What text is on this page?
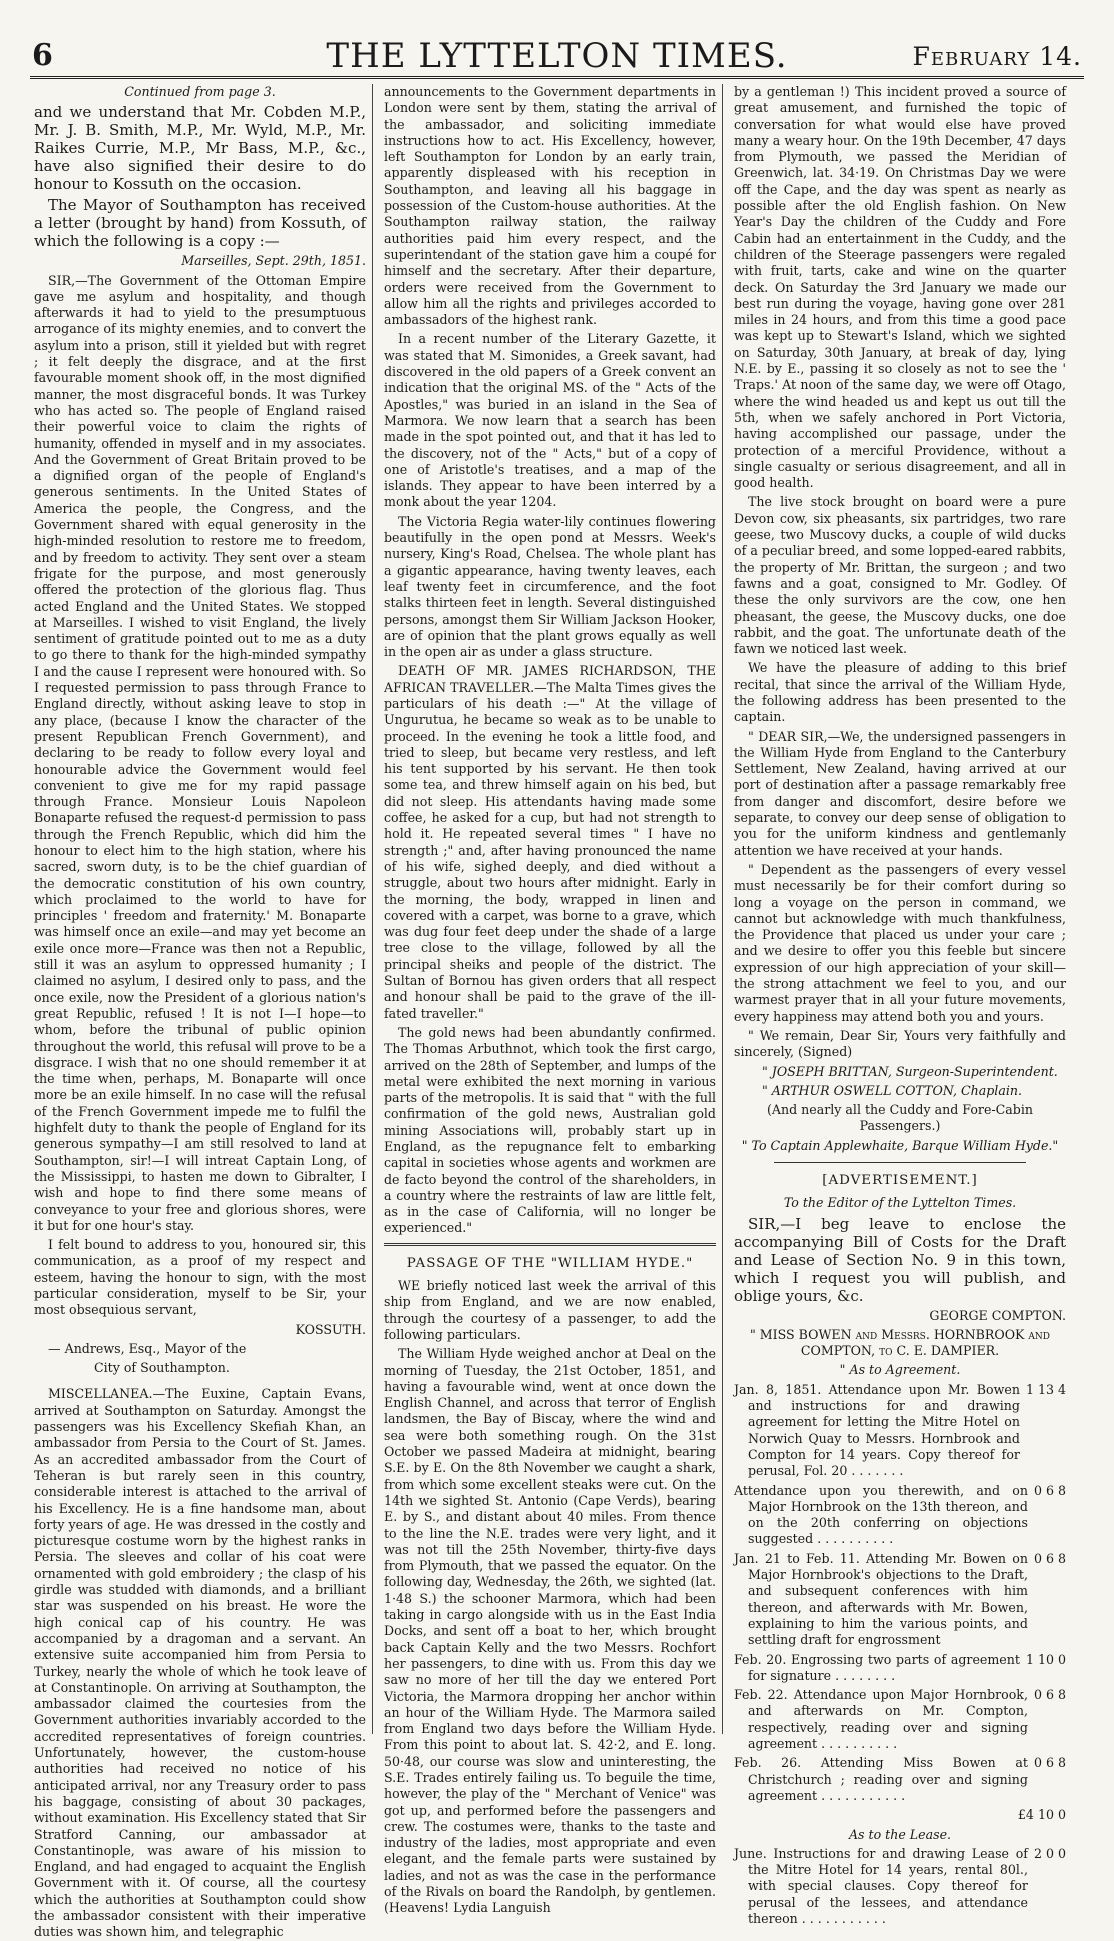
6	THE LYTTELTON TIMES.	February 14.

Continued from page 3.

and we understand that Mr. Cobden M.P., Mr. J. B. Smith, M.P., Mr. Wyld, M.P., Mr. Raikes Currie, M.P., Mr Bass, M.P., &c., have also signified their desire to do honour to Kossuth on the occasion.

The Mayor of Southampton has received a letter (brought by hand) from Kossuth, of which the following is a copy :—

Marseilles, Sept. 29th, 1851.

SIR,—The Government of the Ottoman Empire gave me asylum and hospitality, and though afterwards it had to yield to the presumptuous arrogance of its mighty enemies, and to convert the asylum into a prison, still it yielded but with regret ; it felt deeply the disgrace, and at the first favourable moment shook off, in the most dignified manner, the most disgraceful bonds. It was Turkey who has acted so. The people of England raised their powerful voice to claim the rights of humanity, offended in myself and in my associates. And the Government of Great Britain proved to be a dignified organ of the people of England's generous sentiments. In the United States of America the people, the Congress, and the Government shared with equal generosity in the high-minded resolution to restore me to freedom, and by freedom to activity. They sent over a steam frigate for the purpose, and most generously offered the protection of the glorious flag. Thus acted England and the United States. We stopped at Marseilles. I wished to visit England, the lively sentiment of gratitude pointed out to me as a duty to go there to thank for the high-minded sympathy I and the cause I represent were honoured with. So I requested permission to pass through France to England directly, without asking leave to stop in any place, (because I know the character of the present Republican French Government), and declaring to be ready to follow every loyal and honourable advice the Government would feel convenient to give me for my rapid passage through France. Monsieur Louis Napoleon Bonaparte refused the request-d permission to pass through the French Republic, which did him the honour to elect him to the high station, where his sacred, sworn duty, is to be the chief guardian of the democratic constitution of his own country, which proclaimed to the world to have for principles ' freedom and fraternity.' M. Bonaparte was himself once an exile—and may yet become an exile once more—France was then not a Republic, still it was an asylum to oppressed humanity ; I claimed no asylum, I desired only to pass, and the once exile, now the President of a glorious nation's great Republic, refused ! It is not I—I hope—to whom, before the tribunal of public opinion throughout the world, this refusal will prove to be a disgrace. I wish that no one should remember it at the time when, perhaps, M. Bonaparte will once more be an exile himself. In no case will the refusal of the French Government impede me to fulfil the highfelt duty to thank the people of England for its generous sympathy—I am still resolved to land at Southampton, sir!—I will intreat Captain Long, of the Mississippi, to hasten me down to Gibralter, I wish and hope to find there some means of conveyance to your free and glorious shores, were it but for one hour's stay.

I felt bound to address to you, honoured sir, this communication, as a proof of my respect and esteem, having the honour to sign, with the most particular consideration, myself to be Sir, your most obsequious servant,

KOSSUTH.

— Andrews, Esq., Mayor of the

City of Southampton.

MISCELLANEA.—The Euxine, Captain Evans, arrived at Southampton on Saturday. Amongst the passengers was his Excellency Skefiah Khan, an ambassador from Persia to the Court of St. James. As an accredited ambassador from the Court of Teheran is but rarely seen in this country, considerable interest is attached to the arrival of his Excellency. He is a fine handsome man, about forty years of age. He was dressed in the costly and picturesque costume worn by the highest ranks in Persia. The sleeves and collar of his coat were ornamented with gold embroidery ; the clasp of his girdle was studded with diamonds, and a brilliant star was suspended on his breast. He wore the high conical cap of his country. He was accompanied by a dragoman and a servant. An extensive suite accompanied him from Persia to Turkey, nearly the whole of which he took leave of at Constantinople. On arriving at Southampton, the ambassador claimed the courtesies from the Government authorities invariably accorded to the accredited representatives of foreign countries. Unfortunately, however, the custom-house authorities had received no notice of his anticipated arrival, nor any Treasury order to pass his baggage, consisting of about 30 packages, without examination. His Excellency stated that Sir Stratford Canning, our ambassador at Constantinople, was aware of his mission to England, and had engaged to acquaint the English Government with it. Of course, all the courtesy which the authorities at Southampton could show the ambassador consistent with their imperative duties was shown him, and telegraphic

announcements to the Government departments in London were sent by them, stating the arrival of the ambassador, and soliciting immediate instructions how to act. His Excellency, however, left Southampton for London by an early train, apparently displeased with his reception in Southampton, and leaving all his baggage in possession of the Custom-house authorities. At the Southampton railway station, the railway authorities paid him every respect, and the superintendant of the station gave him a coupé for himself and the secretary. After their departure, orders were received from the Government to allow him all the rights and privileges accorded to ambassadors of the highest rank.

In a recent number of the Literary Gazette, it was stated that M. Simonides, a Greek savant, had discovered in the old papers of a Greek convent an indication that the original MS. of the " Acts of the Apostles," was buried in an island in the Sea of Marmora. We now learn that a search has been made in the spot pointed out, and that it has led to the discovery, not of the " Acts," but of a copy of one of Aristotle's treatises, and a map of the islands. They appear to have been interred by a monk about the year 1204.

The Victoria Regia water-lily continues flowering beautifully in the open pond at Messrs. Week's nursery, King's Road, Chelsea. The whole plant has a gigantic appearance, having twenty leaves, each leaf twenty feet in circumference, and the foot stalks thirteen feet in length. Several distinguished persons, amongst them Sir William Jackson Hooker, are of opinion that the plant grows equally as well in the open air as under a glass structure.

DEATH OF MR. JAMES RICHARDSON, THE AFRICAN TRAVELLER.—The Malta Times gives the particulars of his death :—" At the village of Ungurutua, he became so weak as to be unable to proceed. In the evening he took a little food, and tried to sleep, but became very restless, and left his tent supported by his servant. He then took some tea, and threw himself again on his bed, but did not sleep. His attendants having made some coffee, he asked for a cup, but had not strength to hold it. He repeated several times " I have no strength ;" and, after having pronounced the name of his wife, sighed deeply, and died without a struggle, about two hours after midnight. Early in the morning, the body, wrapped in linen and covered with a carpet, was borne to a grave, which was dug four feet deep under the shade of a large tree close to the village, followed by all the principal sheiks and people of the district. The Sultan of Bornou has given orders that all respect and honour shall be paid to the grave of the ill-fated traveller."

The gold news had been abundantly confirmed. The Thomas Arbuthnot, which took the first cargo, arrived on the 28th of September, and lumps of the metal were exhibited the next morning in various parts of the metropolis. It is said that " with the full confirmation of the gold news, Australian gold mining Associations will, probably start up in England, as the repugnance felt to embarking capital in societies whose agents and workmen are de facto beyond the control of the shareholders, in a country where the restraints of law are little felt, as in the case of California, will no longer be experienced."

PASSAGE OF THE "WILLIAM HYDE."

WE briefly noticed last week the arrival of this ship from England, and we are now enabled, through the courtesy of a passenger, to add the following particulars.

The William Hyde weighed anchor at Deal on the morning of Tuesday, the 21st October, 1851, and having a favourable wind, went at once down the English Channel, and across that terror of English landsmen, the Bay of Biscay, where the wind and sea were both something rough. On the 31st October we passed Madeira at midnight, bearing S.E. by E. On the 8th November we caught a shark, from which some excellent steaks were cut. On the 14th we sighted St. Antonio (Cape Verds), bearing E. by S., and distant about 40 miles. From thence to the line the N.E. trades were very light, and it was not till the 25th November, thirty-five days from Plymouth, that we passed the equator. On the following day, Wednesday, the 26th, we sighted (lat. 1·48 S.) the schooner Marmora, which had been taking in cargo alongside with us in the East India Docks, and sent off a boat to her, which brought back Captain Kelly and the two Messrs. Rochfort her passengers, to dine with us. From this day we saw no more of her till the day we entered Port Victoria, the Marmora dropping her anchor within an hour of the William Hyde. The Marmora sailed from England two days before the William Hyde. From this point to about lat. S. 42·2, and E. long. 50·48, our course was slow and uninteresting, the S.E. Trades entirely failing us. To beguile the time, however, the play of the " Merchant of Venice" was got up, and performed before the passengers and crew. The costumes were, thanks to the taste and industry of the ladies, most appropriate and even elegant, and the female parts were sustained by ladies, and not as was the case in the performance of the Rivals on board the Randolph, by gentlemen. (Heavens! Lydia Languish

by a gentleman !) This incident proved a source of great amusement, and furnished the topic of conversation for what would else have proved many a weary hour. On the 19th December, 47 days from Plymouth, we passed the Meridian of Greenwich, lat. 34·19. On Christmas Day we were off the Cape, and the day was spent as nearly as possible after the old English fashion. On New Year's Day the children of the Cuddy and Fore Cabin had an entertainment in the Cuddy, and the children of the Steerage passengers were regaled with fruit, tarts, cake and wine on the quarter deck. On Saturday the 3rd January we made our best run during the voyage, having gone over 281 miles in 24 hours, and from this time a good pace was kept up to Stewart's Island, which we sighted on Saturday, 30th January, at break of day, lying N.E. by E., passing it so closely as not to see the ' Traps.' At noon of the same day, we were off Otago, where the wind headed us and kept us out till the 5th, when we safely anchored in Port Victoria, having accomplished our passage, under the protection of a merciful Providence, without a single casualty or serious disagreement, and all in good health.

The live stock brought on board were a pure Devon cow, six pheasants, six partridges, two rare geese, two Muscovy ducks, a couple of wild ducks of a peculiar breed, and some lopped-eared rabbits, the property of Mr. Brittan, the surgeon ; and two fawns and a goat, consigned to Mr. Godley. Of these the only survivors are the cow, one hen pheasant, the geese, the Muscovy ducks, one doe rabbit, and the goat. The unfortunate death of the fawn we noticed last week.

We have the pleasure of adding to this brief recital, that since the arrival of the William Hyde, the following address has been presented to the captain.

" DEAR SIR,—We, the undersigned passengers in the William Hyde from England to the Canterbury Settlement, New Zealand, having arrived at our port of destination after a passage remarkably free from danger and discomfort, desire before we separate, to convey our deep sense of obligation to you for the uniform kindness and gentlemanly attention we have received at your hands.

" Dependent as the passengers of every vessel must necessarily be for their comfort during so long a voyage on the person in command, we cannot but acknowledge with much thankfulness, the Providence that placed us under your care ; and we desire to offer you this feeble but sincere expression of our high appreciation of your skill—the strong attachment we feel to you, and our warmest prayer that in all your future movements, every happiness may attend both you and yours.

" We remain, Dear Sir, Yours very faithfully and sincerely, (Signed)

" JOSEPH BRITTAN, Surgeon-Superintendent.

" ARTHUR OSWELL COTTON, Chaplain.

(And nearly all the Cuddy and Fore-Cabin Passengers.)

" To Captain Applewhaite, Barque William Hyde."

[ADVERTISEMENT.]

To the Editor of the Lyttelton Times.

SIR,—I beg leave to enclose the accompanying Bill of Costs for the Draft and Lease of Section No. 9 in this town, which I request you will publish, and oblige yours, &c.

GEORGE COMPTON.

" MISS BOWEN and Messrs. HORNBROOK and COMPTON, to C. E. DAMPIER.

" As to Agreement.

Jan. 8, 1851. Attendance upon Mr. Bowen and instructions for and drawing agreement for letting the Mitre Hotel on Norwich Quay to Messrs. Hornbrook and Compton for 14 years. Copy thereof for perusal, Fol. 20 . . . . . . .
1 13 4

Attendance upon you therewith, and on Major Hornbrook on the 13th thereon, and on the 20th conferring on objections suggested . . . . . . . . . .
0 6 8

Jan. 21 to Feb. 11. Attending Mr. Bowen on Major Hornbrook's objections to the Draft, and subsequent conferences with him thereon, and afterwards with Mr. Bowen, explaining to him the various points, and settling draft for engrossment
0 6 8

Feb. 20. Engrossing two parts of agreement for signature . . . . . . . .
1 10 0

Feb. 22. Attendance upon Major Hornbrook, and afterwards on Mr. Compton, respectively, reading over and signing agreement . . . . . . . . . .
0 6 8

Feb. 26. Attending Miss Bowen at Christchurch ; reading over and signing agreement . . . . . . . . . . .
0 6 8

£4 10 0

As to the Lease.

June. Instructions for and drawing Lease of the Mitre Hotel for 14 years, rental 80l., with special clauses. Copy thereof for perusal of the lessees, and attendance thereon . . . . . . . . . . .
2 0 0
